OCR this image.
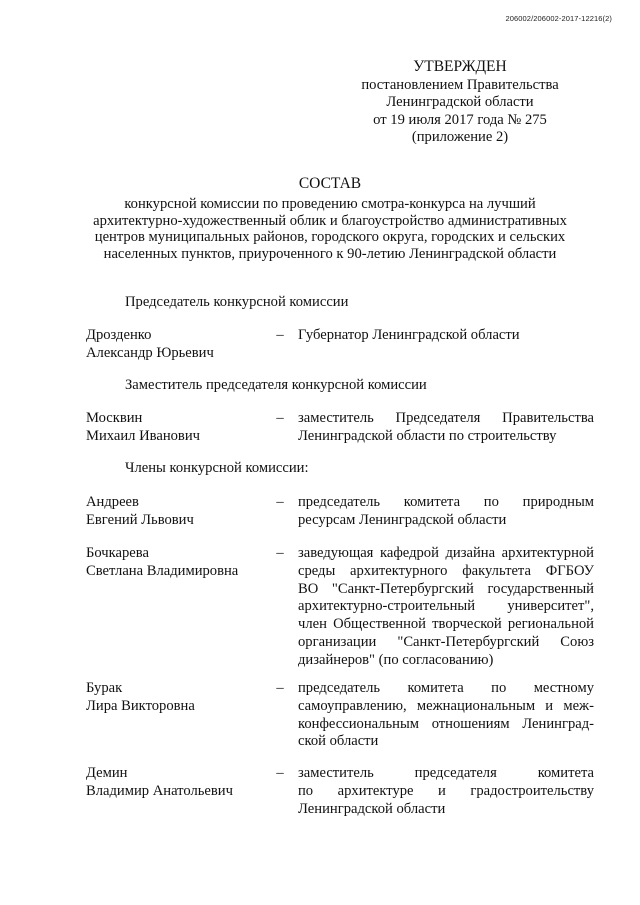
206002/206002-2017-12216(2)
УТВЕРЖДЕН
постановлением Правительства
Ленинградской области
от 19 июля 2017 года № 275
(приложение 2)
СОСТАВ
конкурсной комиссии по проведению смотра-конкурса на лучший
архитектурно-художественный облик и благоустройство административных
центров муниципальных районов, городского округа, городских и сельских
населенных пунктов, приуроченного к 90-летию Ленинградской области
Председатель конкурсной комиссии
Дрозденко
Александр Юрьевич
– Губернатор Ленинградской области
Заместитель председателя конкурсной комиссии
Москвин
Михаил Иванович
– заместитель Председателя Правительства
Ленинградской области по строительству
Члены конкурсной комиссии:
Андреев
Евгений Львович
– председатель комитета по природным
ресурсам Ленинградской области
Бочкарева
Светлана Владимировна
– заведующая кафедрой дизайна архитектурной
среды архитектурного факультета ФГБОУ
ВО "Санкт-Петербургский государственный
архитектурно-строительный университет",
член Общественной творческой региональной
организации "Санкт-Петербургский Союз
дизайнеров" (по согласованию)
Бурак
Лира Викторовна
– председатель комитета по местному
самоуправлению, межнациональным и меж-
конфессиональным отношениям Ленинград-
ской области
Демин
Владимир Анатольевич
– заместитель председателя комитета
по архитектуре и градостроительству
Ленинградской области
